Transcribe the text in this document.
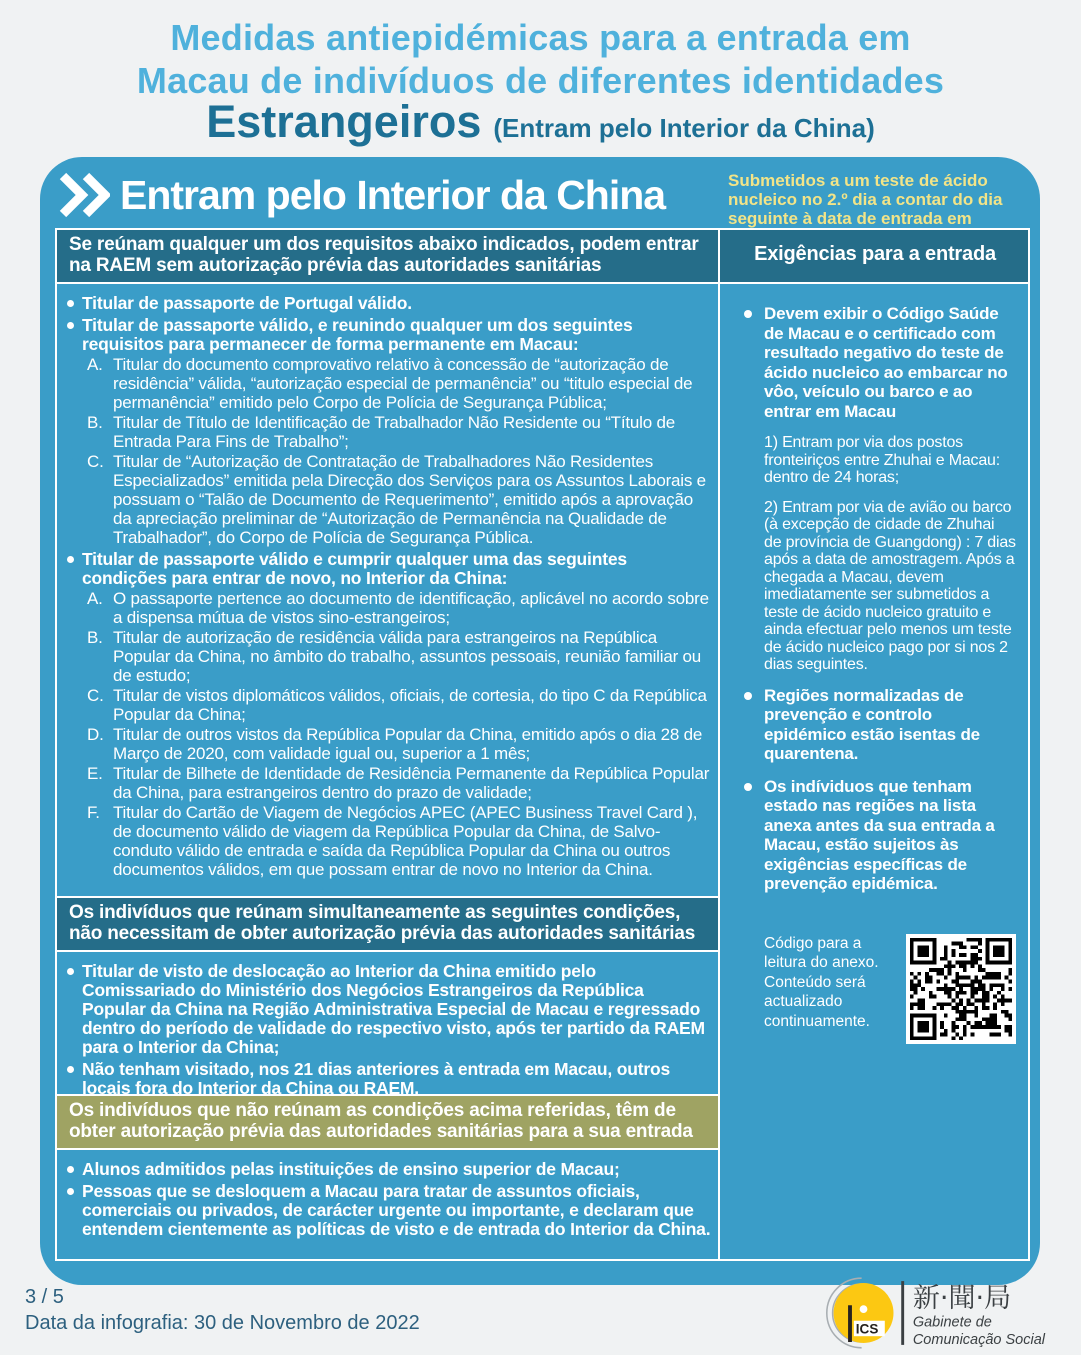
Medidas antiepidémicas para a entrada em
Macau de indivíduos de diferentes identidades
Estrangeiros (Entram pelo Interior da China)
Entram pelo Interior da China	Submetidos a um teste de ácido nucleico no 2.º dia a contar do dia seguinte à data de entrada em
Se reúnam qualquer um dos requisitos abaixo indicados, podem entrar na RAEM sem autorização prévia das autoridades sanitárias
Titular de passaporte de Portugal válido.
Titular de passaporte válido, e reunindo qualquer um dos seguintes requisitos para permanecer de forma permanente em Macau:
A. Titular do documento comprovativo relativo à concessão de “autorização de residência” válida, “autorização especial de permanência” ou “titulo especial de permanência” emitido pelo Corpo de Polícia de Segurança Pública;
B. Titular de Título de Identificação de Trabalhador Não Residente ou “Título de Entrada Para Fins de Trabalho”;
C. Titular de “Autorização de Contratação de Trabalhadores Não Residentes Especializados” emitida pela Direcção dos Serviços para os Assuntos Laborais e possuam o “Talão de Documento de Requerimento”, emitido após a aprovação da apreciação preliminar de “Autorização de Permanência na Qualidade de Trabalhador”, do Corpo de Polícia de Segurança Pública.
Titular de passaporte válido e cumprir qualquer uma das seguintes condições para entrar de novo, no Interior da China:
A. O passaporte pertence ao documento de identificação, aplicável no acordo sobre a dispensa mútua de vistos sino-estrangeiros;
B. Titular de autorização de residência válida para estrangeiros na República Popular da China, no âmbito do trabalho, assuntos pessoais, reunião familiar ou de estudo;
C. Titular de vistos diplomáticos válidos, oficiais, de cortesia, do tipo C da República Popular da China;
D. Titular de outros vistos da República Popular da China, emitido após o dia 28 de Março de 2020, com validade igual ou, superior a 1 mês;
E. Titular de Bilhete de Identidade de Residência Permanente da República Popular da China, para estrangeiros dentro do prazo de validade;
F. Titular do Cartão de Viagem de Negócios APEC (APEC Business Travel Card ), de documento válido de viagem da República Popular da China, de Salvo-conduto válido de entrada e saída da República Popular da China ou outros documentos válidos, em que possam entrar de novo no Interior da China.
Os indivíduos que reúnam simultaneamente as seguintes condições, não necessitam de obter autorização prévia das autoridades sanitárias
Titular de visto de deslocação ao Interior da China emitido pelo Comissariado do Ministério dos Negócios Estrangeiros da República Popular da China na Região Administrativa Especial de Macau e regressado dentro do período de validade do respectivo visto, após ter partido da RAEM para o Interior da China;
Não tenham visitado, nos 21 dias anteriores à entrada em Macau, outros locais fora do Interior da China ou RAEM.
Os indivíduos que não reúnam as condições acima referidas, têm de obter autorização prévia das autoridades sanitárias para a sua entrada
Alunos admitidos pelas instituições de ensino superior de Macau;
Pessoas que se desloquem a Macau para tratar de assuntos oficiais, comerciais ou privados, de carácter urgente ou importante, e declaram que entendem cientemente as políticas de visto e de entrada do Interior da China.
Exigências para a entrada
Devem exibir o Código Saúde de Macau e o certificado com resultado negativo do teste de ácido nucleico ao embarcar no vôo, veículo ou barco e ao entrar em Macau
1) Entram por via dos postos fronteiriços entre Zhuhai e Macau: dentro de 24 horas;
2) Entram por via de avião ou barco (à excepção de cidade de Zhuhai de província de Guangdong) : 7 dias após a data de amostragem. Após a chegada a Macau, devem imediatamente ser submetidos a teste de ácido nucleico gratuito e ainda efectuar pelo menos um teste de ácido nucleico pago por si nos 2 dias seguintes.
Regiões normalizadas de prevenção e controlo epidémico estão isentas de quarentena.
Os indíviduos que tenham estado nas regiões na lista anexa antes da sua entrada a Macau, estão sujeitos às exigências específicas de prevenção epidémica.
Código para a leitura do anexo. Conteúdo será actualizado continuamente.
3 / 5
Data da infografia: 30 de Novembro de 2022	ICS
新‧聞‧局
Gabinete de
Comunicação Social
